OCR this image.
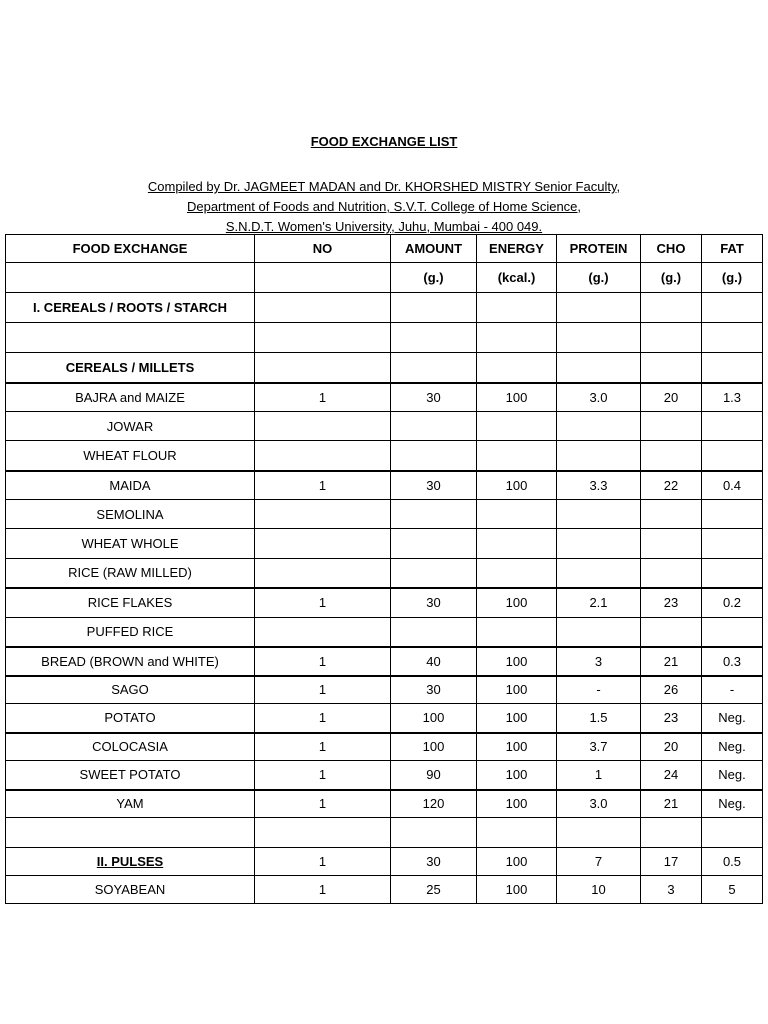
FOOD EXCHANGE LIST
Compiled by Dr. JAGMEET MADAN and Dr. KHORSHED MISTRY Senior Faculty,
Department of Foods and Nutrition, S.V.T. College of Home Science,
S.N.D.T. Women's University, Juhu, Mumbai - 400 049.
FOOD EXCHANGE	NO	AMOUNT	ENERGY	PROTEIN	CHO	FAT
		(g.)	(kcal.)	(g.)	(g.)	(g.)
I. CEREALS / ROOTS / STARCH						

CEREALS / MILLETS						
BAJRA and MAIZE	1	30	100	3.0	20	1.3
JOWAR						
WHEAT FLOUR						
MAIDA	1	30	100	3.3	22	0.4
SEMOLINA						
WHEAT WHOLE						
RICE (RAW MILLED)						
RICE FLAKES	1	30	100	2.1	23	0.2
PUFFED RICE						
BREAD (BROWN and WHITE)	1	40	100	3	21	0.3
SAGO	1	30	100	-	26	-
POTATO	1	100	100	1.5	23	Neg.
COLOCASIA	1	100	100	3.7	20	Neg.
SWEET POTATO	1	90	100	1	24	Neg.
YAM	1	120	100	3.0	21	Neg.

II. PULSES	1	30	100	7	17	0.5
SOYABEAN	1	25	100	10	3	5
